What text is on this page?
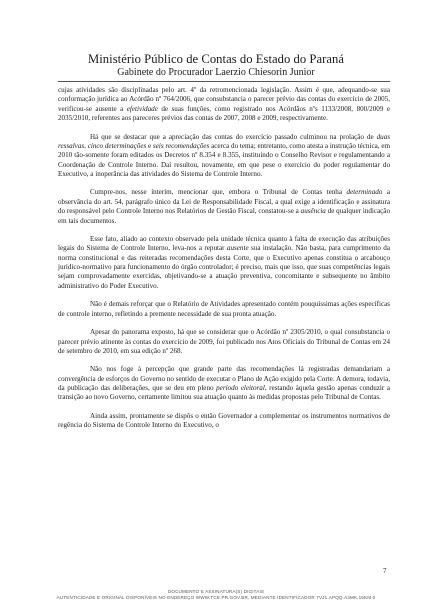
Ministério Público de Contas do Estado do Paraná
Gabinete do Procurador Laerzio Chiesorin Junior

cujas atividades são disciplinadas pelo art. 4º da retromencionada legislação. Assim é que, adequando-se sua conformação jurídica ao Acórdão nº 764/2006, que consubstancia o parecer prévio das contas do exercício de 2005, verificou-se ausente a efetividade de suas funções, como registrado nos Acórdãos nºs 1133/2008, 800/2009 e 2035/2010, referentes aos pareceres prévios das contas de 2007, 2008 e 2009, respectivamente.

Há que se destacar que a apreciação das contas do exercício passado culminou na prolação de duas ressalvas, cinco determinações e seis recomendações acerca do tema; entretanto, como atesta a instrução técnica, em 2010 tão-somente foram editados os Decretos nº 8.354 e 8.355, instituindo o Conselho Revisor e regulamentando a Coordenação de Controle Interno. Daí resultou, novamente, em que pese o exercício do poder regulamentar do Executivo, a inoperância das atividades do Sistema de Controle Interno.

Cumpre-nos, nesse ínterim, mencionar que, embora o Tribunal de Contas tenha determinado a observância do art. 54, parágrafo único da Lei de Responsabilidade Fiscal, a qual exige a identificação e assinatura do responsável pelo Controle Interno nos Relatórios de Gestão Fiscal, constatou-se a ausência de qualquer indicação em tais documentos.

Esse fato, aliado ao contexto observado pela unidade técnica quanto à falta de execução das atribuições legais do Sistema de Controle Interno, leva-nos a reputar ausente sua instalação. Não basta, para cumprimento da norma constitucional e das reiteradas recomendações desta Corte, que o Executivo apenas constitua o arcabouço jurídico-normativo para funcionamento do órgão controlador; é preciso, mais que isso, que suas competências legais sejam comprovadamente exercidas, objetivando-se a atuação preventiva, concomitante e subsequente no âmbito administrativo do Poder Executivo.

Não é demais reforçar que o Relatório de Atividades apresentado contém pouquíssimas ações específicas de controle interno, refletindo a premente necessidade de sua pronta atuação.

Apesar do panorama exposto, há que se considerar que o Acórdão nº 2305/2010, o qual consubstancia o parecer prévio atinente às contas do exercício de 2009, foi publicado nos Atos Oficiais do Tribunal de Contas em 24 de setembro de 2010, em sua edição nº 268.

Não nos foge à percepção que grande parte das recomendações lá registradas demandariam a convergência de esforços do Governo no sentido de executar o Plano de Ação exigido pela Corte. A demora, todavia, da publicação das deliberações, que se deu em pleno período eleitoral, restando àquela gestão apenas conduzir a transição ao novo Governo, certamente limitou sua atuação quanto às medidas propostas pelo Tribunal de Contas.

Ainda assim, prontamente se dispôs o então Governador a complementar os instrumentos normativos de regência do Sistema de Controle Interno do Executivo, o

7
DOCUMENTO E ASSINATURA(S) DIGITAIS
AUTENTICIDADE E ORIGINAL DISPONÍVEIS NO ENDEREÇO WWW.TCE.PR.GOV.BR, MEDIANTE IDENTIFICADOR 7VJ1.APQQ.A3MK.15KM.0
